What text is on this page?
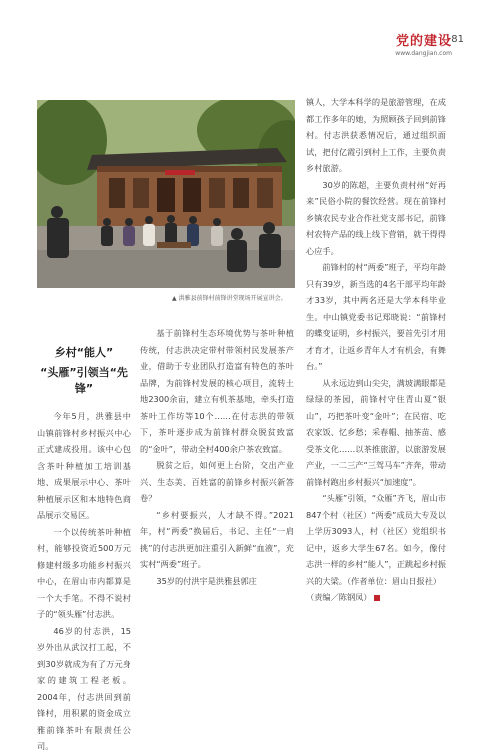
党的建设
www.dangjian.com
81
▲ 洪雅县前锋村前锋讲堂现场开展宣讲会。
乡村“能人”
“头雁”引领当“先锋”

今年5月，洪雅县中山镇前锋村乡村振兴中心正式建成投用。该中心包含茶叶种植加工培训基地、成果展示中心、茶叶种植展示区和本地特色商品展示交易区。

一个以传统茶叶种植村，能够投资近500万元修建村级多功能乡村振兴中心，在眉山市内都算是一个大手笔。不得不说村子的“领头雁”付志洪。

46岁的付志洪，15岁外出从武汉打工起，不到30岁就成为有了万元身家的建筑工程老板。2004年，付志洪回到前锋村，用积累的资金成立雅前锋茶叶有限责任公司。

基于前锋村生态环境优势与茶叶种植传统，付志洪决定带村带领村民发展茶产业，借助于专业团队打造富有特色的茶叶品牌，为前锋村发展的核心项目，流转土地2300余亩，建立有机茶基地，牵头打造茶叶工作坊等10个……在付志洪的带领下，茶叶逐步成为前锋村群众脱贫致富的“金叶”，带动全村400余户茶农致富。

脱贫之后，如何更上台阶，交出产业兴、生态美、百姓富的前锋乡村振兴新答卷？

“乡村要振兴，人才缺不得。”2021年，村“两委”换届后，书记、主任“一肩挑”的付志洪更加注重引入新鲜“血液”，充实村“两委”班子。

35岁的付洪宇是洪雅县郭庄

镇人，大学本科学的是旅游管理，在成都工作多年的她，为照顾孩子回到前锋村。付志洪获悉情况后，通过组织面试，把付亿霞引到村上工作，主要负责乡村旅游。

30岁的陈超，主要负责村州“好再来”民俗小院的餐饮经营。现在前锋村乡镇农民专业合作社党支部书记，前锋村农特产品的线上线下营销，就干得得心应手。

前锋村的村“两委”班子，平均年龄只有39岁，新当选的4名干部平均年龄才33岁，其中两名还是大学本科毕业生。中山镇党委书记郑晓说：“前锋村的蝶变证明，乡村振兴，要首先引才用才育才，让返乡青年人才有机会，有舞台。”

从永远边到山尖尖，满坡满眼都是绿绿的茶园，前锋村守住青山夏“银山”，巧把茶叶变“金叶”；在民宿、吃农家饭、忆乡愁；采春帽、抽茶苗、感受茶文化……以茶推旅游，以旅游发展产业，一二三产“三驾马车”齐奔，带动前锋村跑出乡村振兴“加速度”。

“头雁”引领，“众雁”齐飞，眉山市847个村（社区）“两委”成员大专及以上学历3093人，村（社区）党组织书记中，返乡大学生67名。如今，像付志洪一样的乡村“能人”，正跳起乡村振兴的大梁。（作者单位：眉山日报社）

（责编／陈钢凤）
